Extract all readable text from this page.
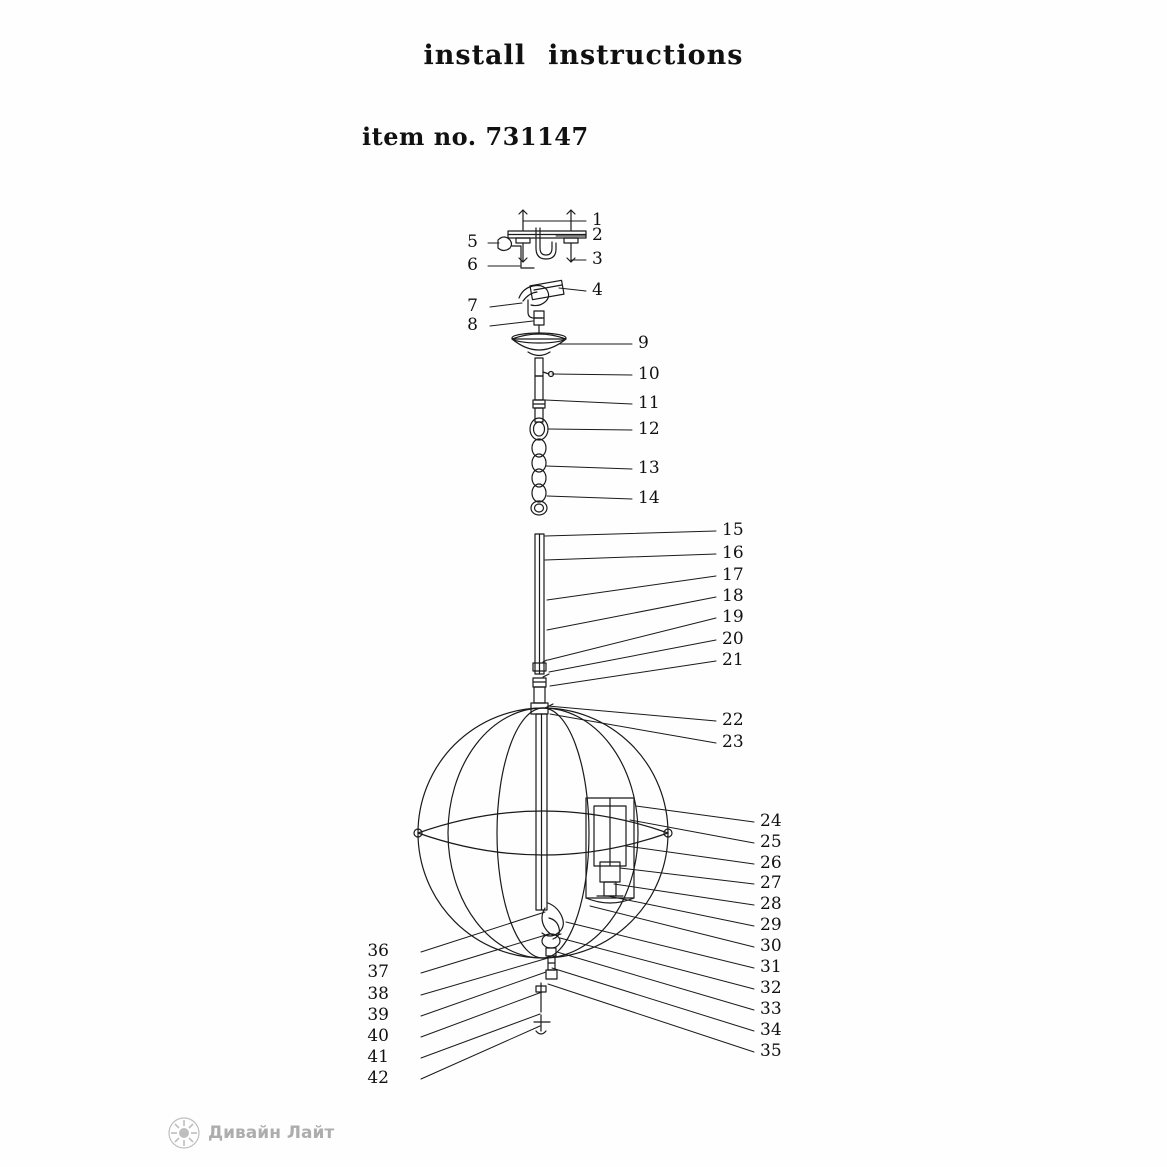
install instructions
item no. 731147
1
2
3
4
5
6
7
8
9
10
11
12
13
14
15
16
17
18
19
20
21
22
23
24
25
26
27
28
29
30
31
32
33
34
35
36
37
38
39
40
41
42
Дивайн Лайт
